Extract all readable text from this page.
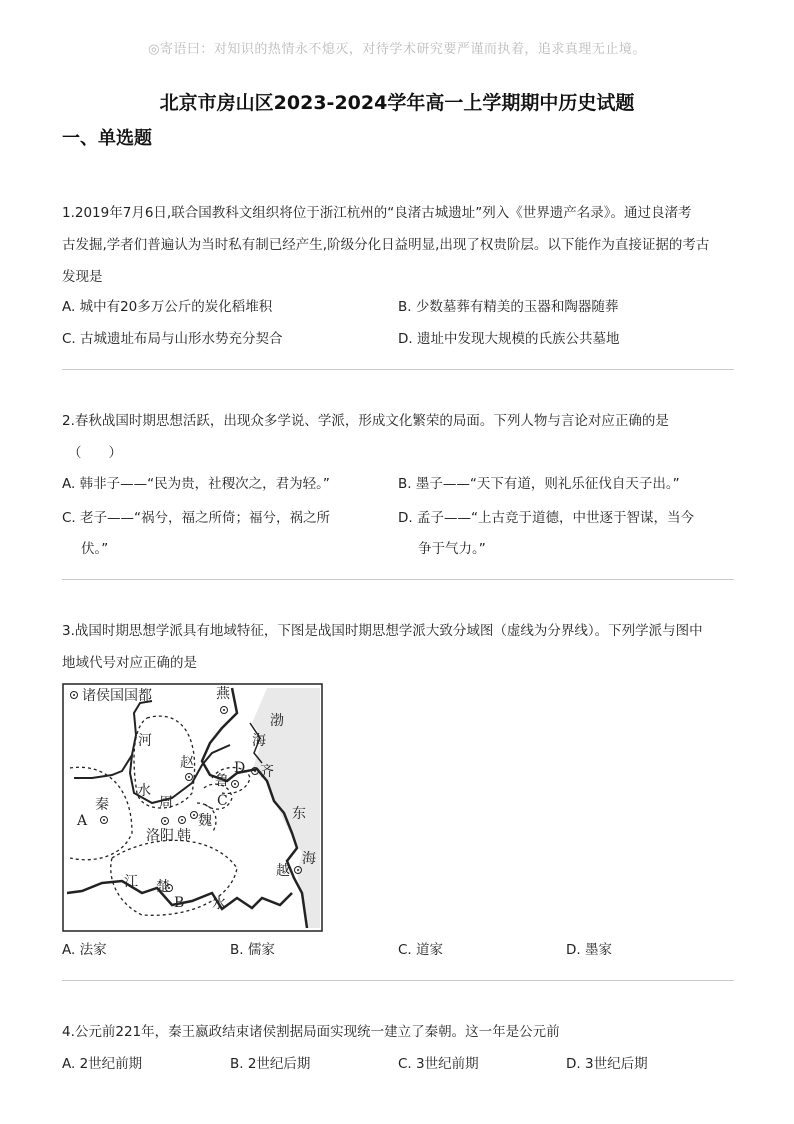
◎寄语曰：对知识的热情永不熄灭，对待学术研究要严谨而执着，追求真理无止境。
北京市房山区2023-2024学年高一上学期期中历史试题
一、单选题

1.2019年7月6日,联合国教科文组织将位于浙江杭州的“良渚古城遗址”列入《世界遗产名录》。通过良渚考

古发掘,学者们普遍认为当时私有制已经产生,阶级分化日益明显,出现了权贵阶层。以下能作为直接证据的考古

发现是

A. 城中有20多万公斤的炭化稻堆积	B. 少数墓葬有精美的玉器和陶器随葬
C. 古城遗址布局与山形水势充分契合	D. 遗址中发现大规模的氏族公共墓地

2.春秋战国时期思想活跃，出现众多学说、学派，形成文化繁荣的局面。下列人物与言论对应正确的是

（　　）

A. 韩非子——“民为贵，社稷次之，君为轻。”	B. 墨子——“天下有道，则礼乐征伐自天子出。”
C. 老子——“祸兮，福之所倚；福兮，祸之所
伏。”
D. 孟子——“上古竞于道德，中世逐于智谋，当今
争于气力。”

3.战国时期思想学派具有地域特征，下图是战国时期思想学派大致分域图（虚线为分界线）。下列学派与图中

地域代号对应正确的是

诸侯国国都	燕
渤
海
河
赵	D 齐
鲁
C
水
周
秦
A
洛阳 韩
魏	东
海
越
江 楚
B 水
A. 法家	B. 儒家	C. 道家	D. 墨家

4.公元前221年，秦王嬴政结束诸侯割据局面实现统一建立了秦朝。这一年是公元前

A. 2世纪前期	B. 2世纪后期	C. 3世纪前期	D. 3世纪后期
